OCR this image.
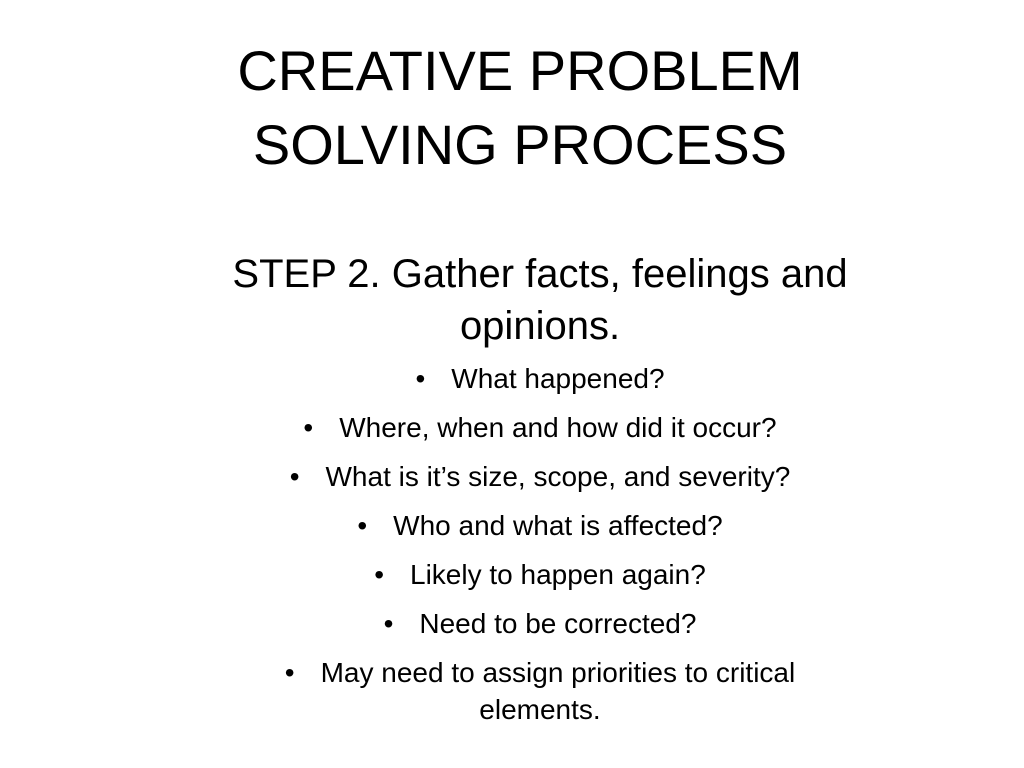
CREATIVE PROBLEM
SOLVING PROCESS
STEP 2. Gather facts, feelings and
opinions.
• What happened?
• Where, when and how did it occur?
• What is it’s size, scope, and severity?
• Who and what is affected?
• Likely to happen again?
• Need to be corrected?
• May need to assign priorities to critical
elements.
